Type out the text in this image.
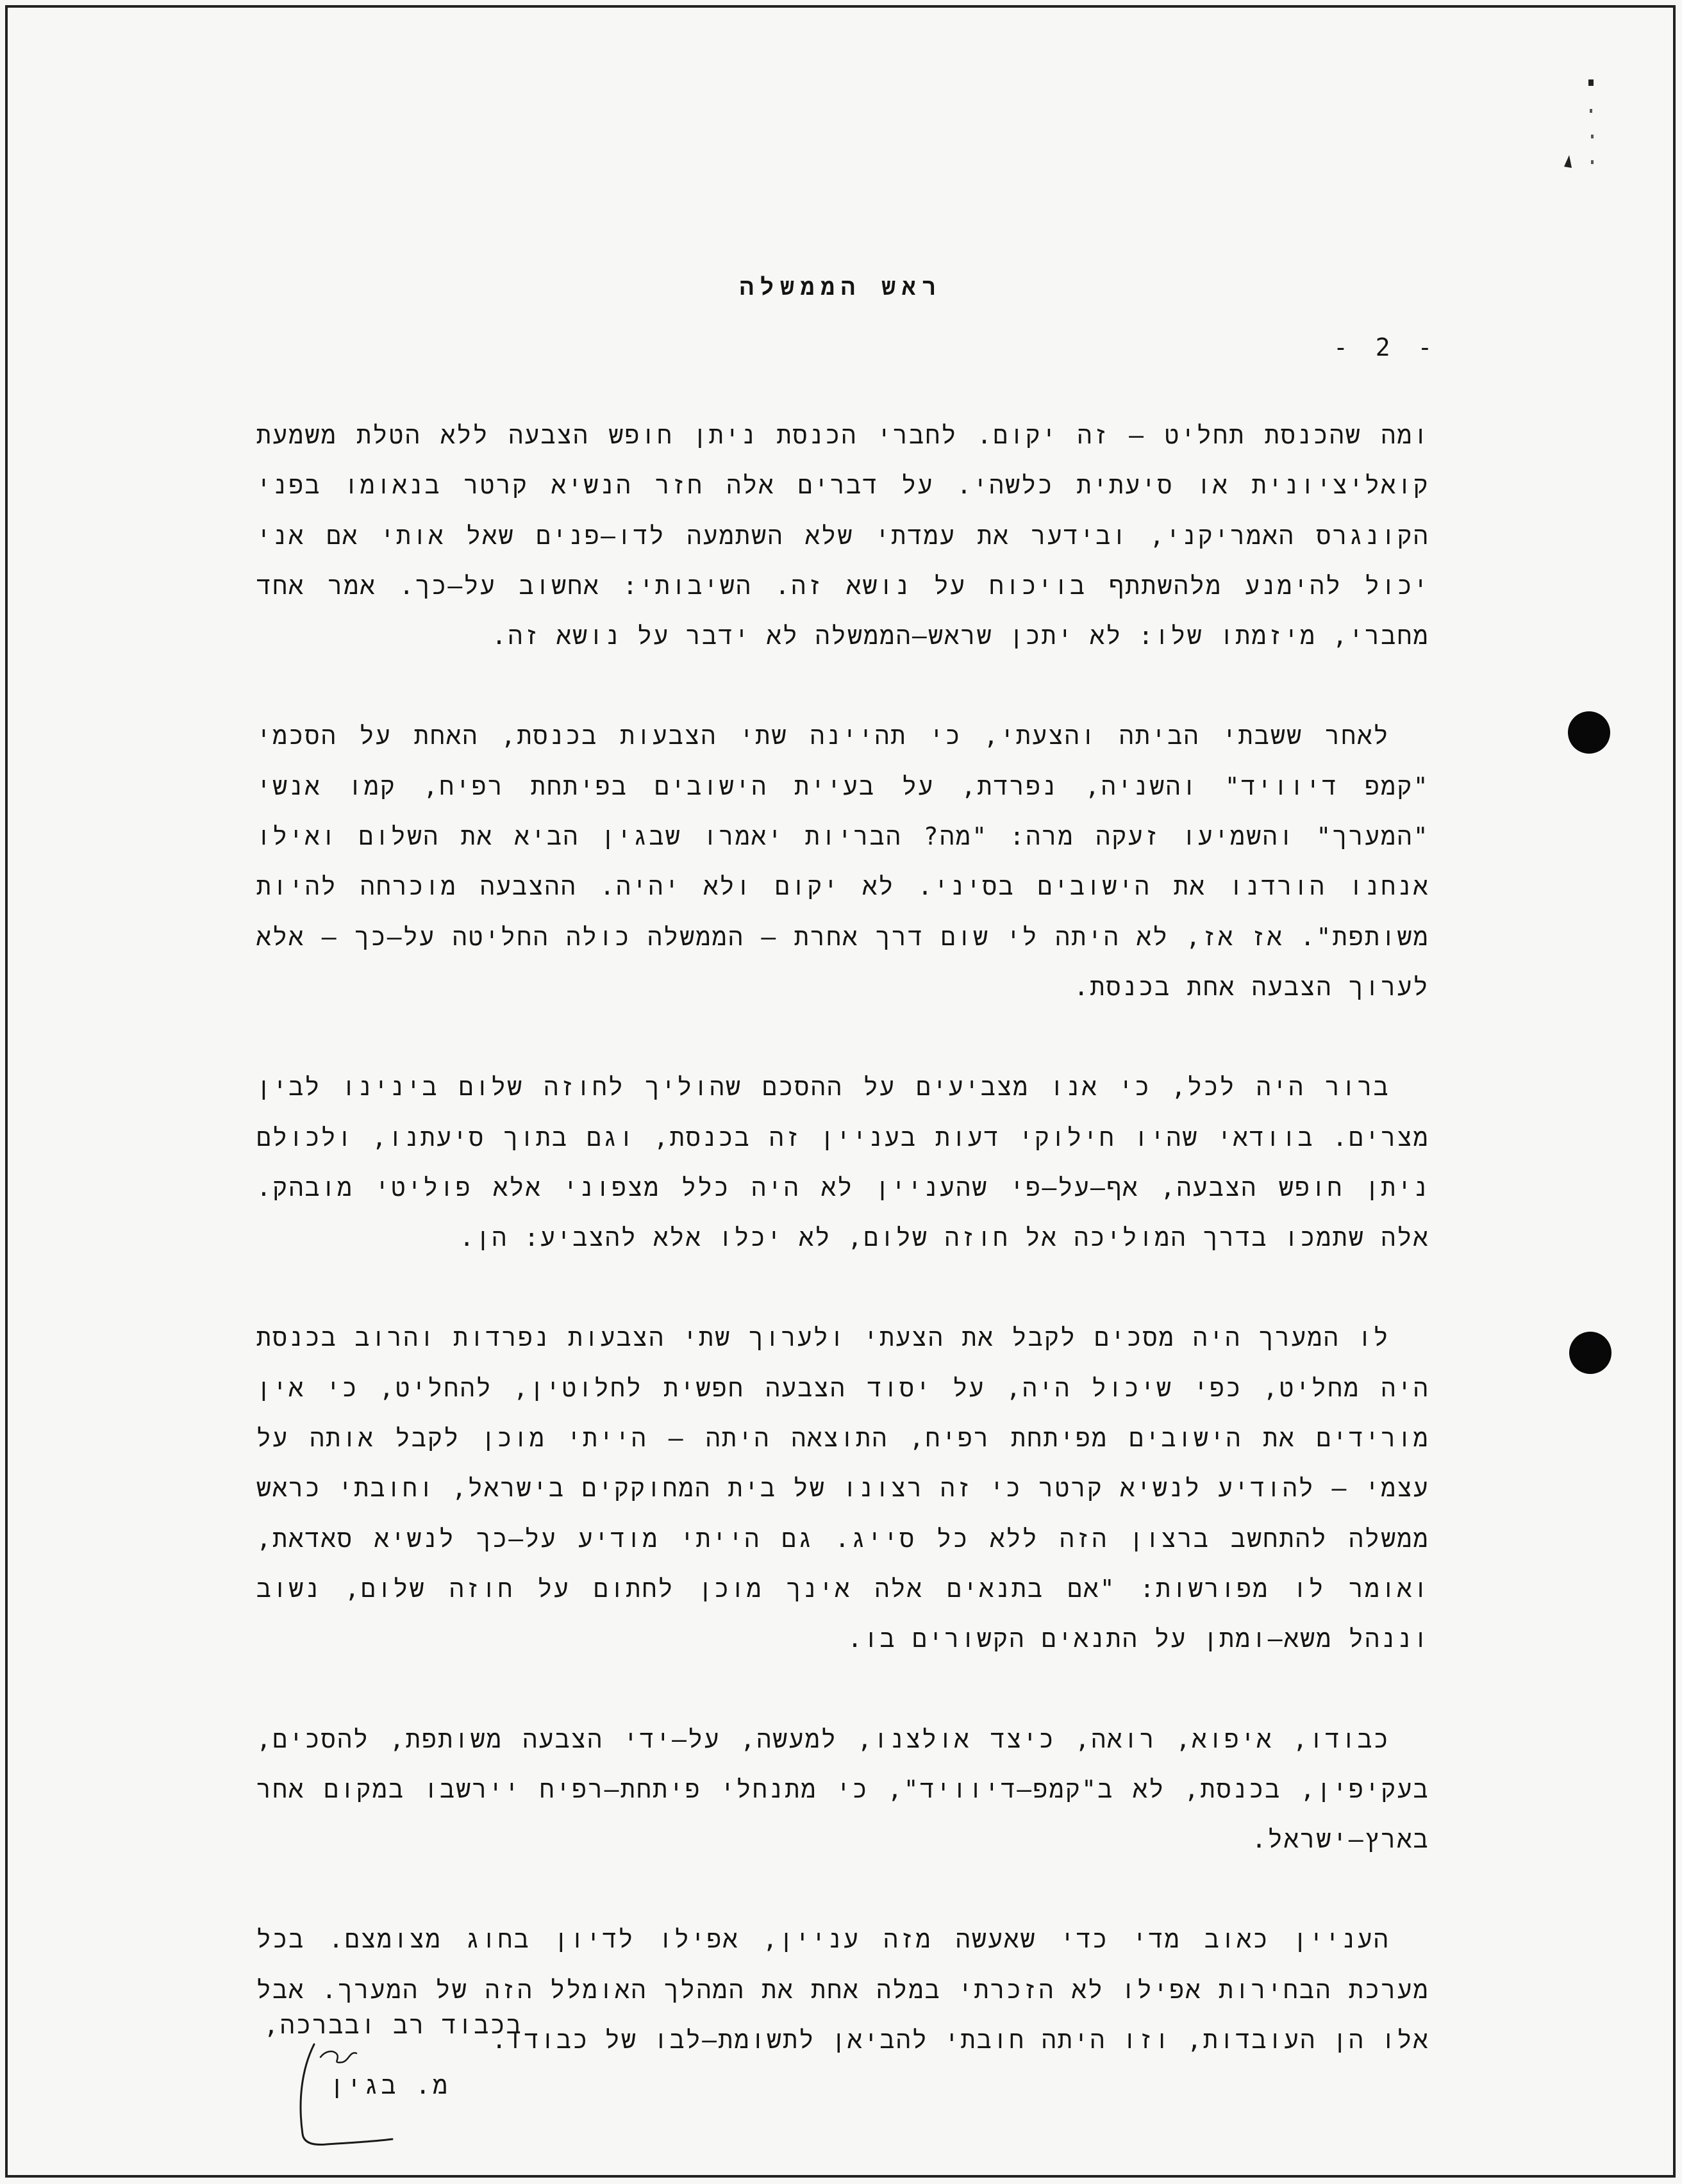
ראש הממשלה
- 2 -

ומה שהכנסת תחליט – זה יקום. לחברי הכנסת ניתן חופש הצבעה ללא הטלת משמעת קואליציונית או סיעתית כלשהי. על דברים אלה חזר הנשיא קרטר בנאומו בפני הקונגרס האמריקני, ובידער את עמדתי שלא השתמעה לדו–פנים שאל אותי אם אני יכול להימנע מלהשתתף בויכוח על נושא זה. השיבותי: אחשוב על–כך. אמר אחד מחברי, מיזמתו שלו: לא יתכן שראש–הממשלה לא ידבר על נושא זה.

לאחר ששבתי הביתה והצעתי, כי תהיינה שתי הצבעות בכנסת, האחת על הסכמי "קמפ דיוויד" והשניה, נפרדת, על בעיית הישובים בפיתחת רפיח, קמו אנשי "המערך" והשמיעו זעקה מרה: "מה? הבריות יאמרו שבגין הביא את השלום ואילו אנחנו הורדנו את הישובים בסיני. לא יקום ולא יהיה. ההצבעה מוכרחה להיות משותפת". אז אז, לא היתה לי שום דרך אחרת – הממשלה כולה החליטה על–כך – אלא לערוך הצבעה אחת בכנסת.

ברור היה לכל, כי אנו מצביעים על ההסכם שהוליך לחוזה שלום בינינו לבין מצרים. בוודאי שהיו חילוקי דעות בעניין זה בכנסת, וגם בתוך סיעתנו, ולכולם ניתן חופש הצבעה, אף–על–פי שהעניין לא היה כלל מצפוני אלא פוליטי מובהק. אלה שתמכו בדרך המוליכה אל חוזה שלום, לא יכלו אלא להצביע: הן.

לו המערך היה מסכים לקבל את הצעתי ולערוך שתי הצבעות נפרדות והרוב בכנסת היה מחליט, כפי שיכול היה, על יסוד הצבעה חפשית לחלוטין, להחליט, כי אין מורידים את הישובים מפיתחת רפיח, התוצאה היתה – הייתי מוכן לקבל אותה על עצמי – להודיע לנשיא קרטר כי זה רצונו של בית המחוקקים בישראל, וחובתי כראש ממשלה להתחשב ברצון הזה ללא כל סייג. גם הייתי מודיע על–כך לנשיא סאדאת, ואומר לו מפורשות: "אם בתנאים אלה אינך מוכן לחתום על חוזה שלום, נשוב וננהל משא–ומתן על התנאים הקשורים בו.

כבודו, איפוא, רואה, כיצד אולצנו, למעשה, על–ידי הצבעה משותפת, להסכים, בעקיפין, בכנסת, לא ב"קמפ–דיוויד", כי מתנחלי פיתחת–רפיח יירשבו במקום אחר בארץ–ישראל.

העניין כאוב מדי כדי שאעשה מזה עניין, אפילו לדיון בחוג מצומצם. בכל מערכת הבחירות אפילו לא הזכרתי במלה אחת את המהלך האומלל הזה של המערך. אבל אלו הן העובדות, וזו היתה חובתי להביאן לתשומת–לבו של כבודו.

בכבוד רב ובברכה,
מ. בגין
